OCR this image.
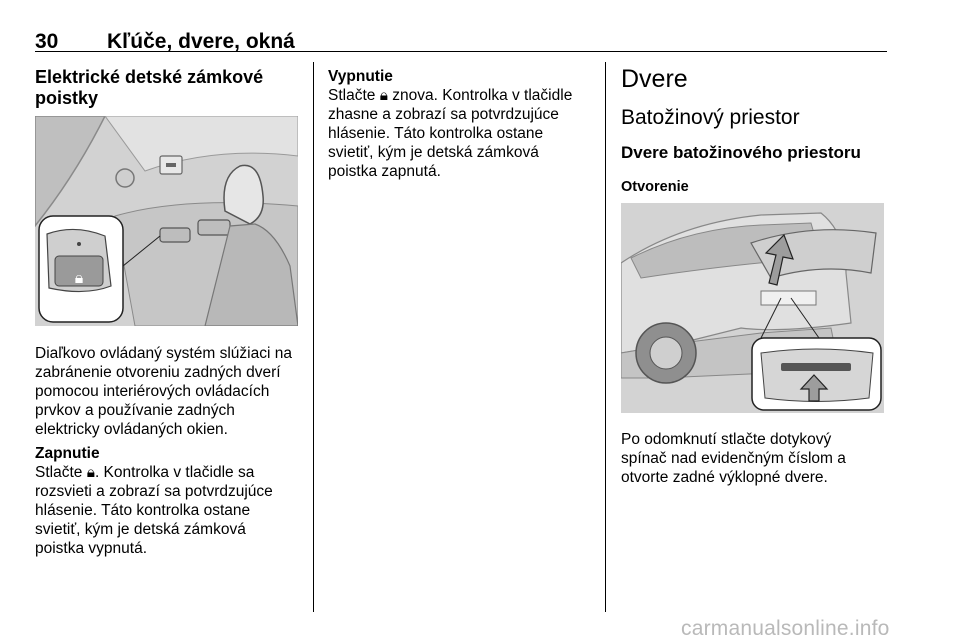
30 Kľúče, dvere, okná
Elektrické detské zámkové
poistky
🔒︎
Diaľkovo ovládaný systém slúžiaci na
zabránenie otvoreniu zadných dverí
pomocou interiérových ovládacích
prvkov a používanie zadných
elektricky ovládaných okien.
Zapnutie
Stlačte 🔒︎. Kontrolka v tlačidle sa
rozsvieti a zobrazí sa potvrdzujúce
hlásenie. Táto kontrolka ostane
svietiť, kým je detská zámková
poistka vypnutá.
Vypnutie
Stlačte 🔒︎ znova. Kontrolka v tlačidle
zhasne a zobrazí sa potvrdzujúce
hlásenie. Táto kontrolka ostane
svietiť, kým je detská zámková
poistka zapnutá.
Dvere
Batožinový priestor
Dvere batožinového priestoru
Otvorenie
Po odomknutí stlačte dotykový
spínač nad evidenčným číslom a
otvorte zadné výklopné dvere.
carmanualsonline.info
